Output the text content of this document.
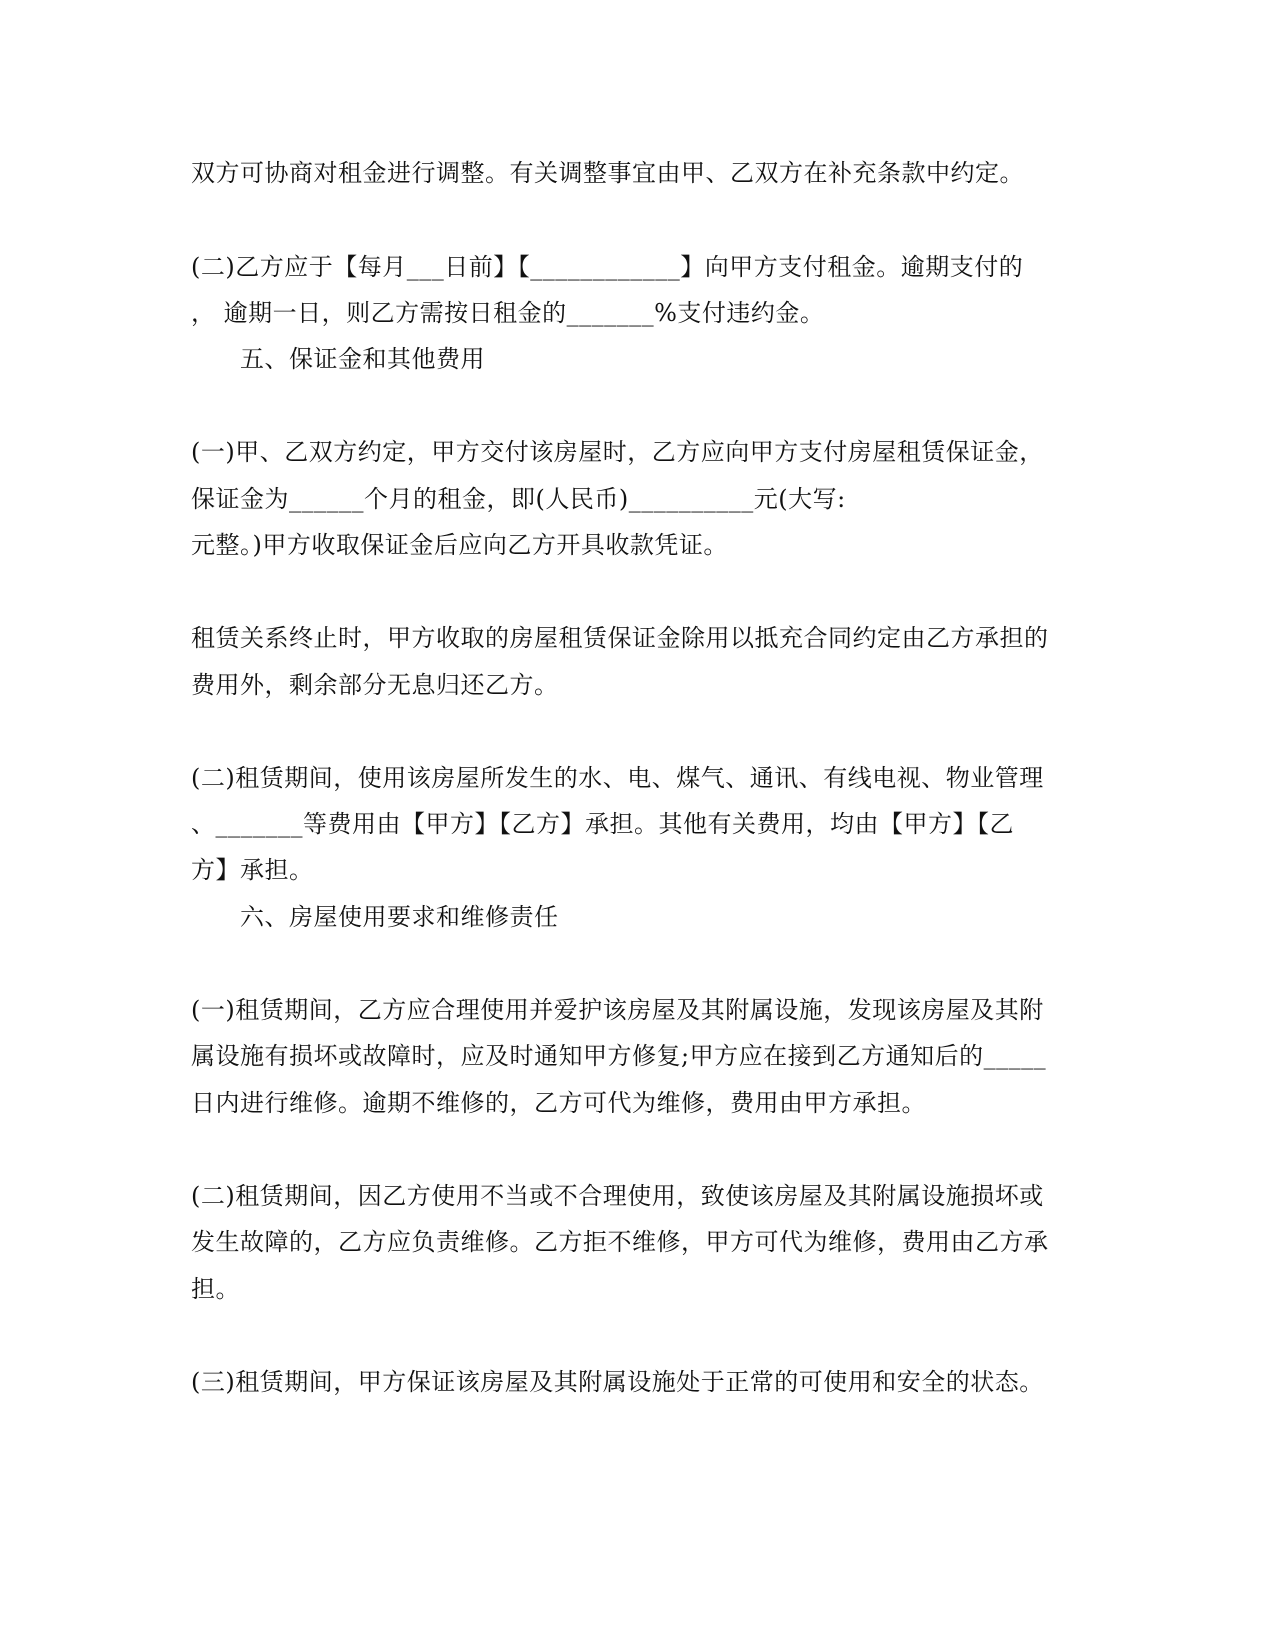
双方可协商对租金进行调整。有关调整事宜由甲、乙双方在补充条款中约定。
(二)乙方应于【每月___日前】【____________】向甲方支付租金。逾期支付的
， 逾期一日，则乙方需按日租金的_______%支付违约金。
五、保证金和其他费用
(一)甲、乙双方约定，甲方交付该房屋时，乙方应向甲方支付房屋租赁保证金，
保证金为______个月的租金，即(人民币)__________元(大写:
元整。)甲方收取保证金后应向乙方开具收款凭证。
租赁关系终止时，甲方收取的房屋租赁保证金除用以抵充合同约定由乙方承担的
费用外，剩余部分无息归还乙方。
(二)租赁期间，使用该房屋所发生的水、电、煤气、通讯、有线电视、物业管理
、_______等费用由【甲方】【乙方】承担。其他有关费用，均由【甲方】【乙
方】承担。
六、房屋使用要求和维修责任
(一)租赁期间，乙方应合理使用并爱护该房屋及其附属设施，发现该房屋及其附
属设施有损坏或故障时，应及时通知甲方修复;甲方应在接到乙方通知后的_____
日内进行维修。逾期不维修的，乙方可代为维修，费用由甲方承担。
(二)租赁期间，因乙方使用不当或不合理使用，致使该房屋及其附属设施损坏或
发生故障的，乙方应负责维修。乙方拒不维修，甲方可代为维修，费用由乙方承
担。
(三)租赁期间，甲方保证该房屋及其附属设施处于正常的可使用和安全的状态。
